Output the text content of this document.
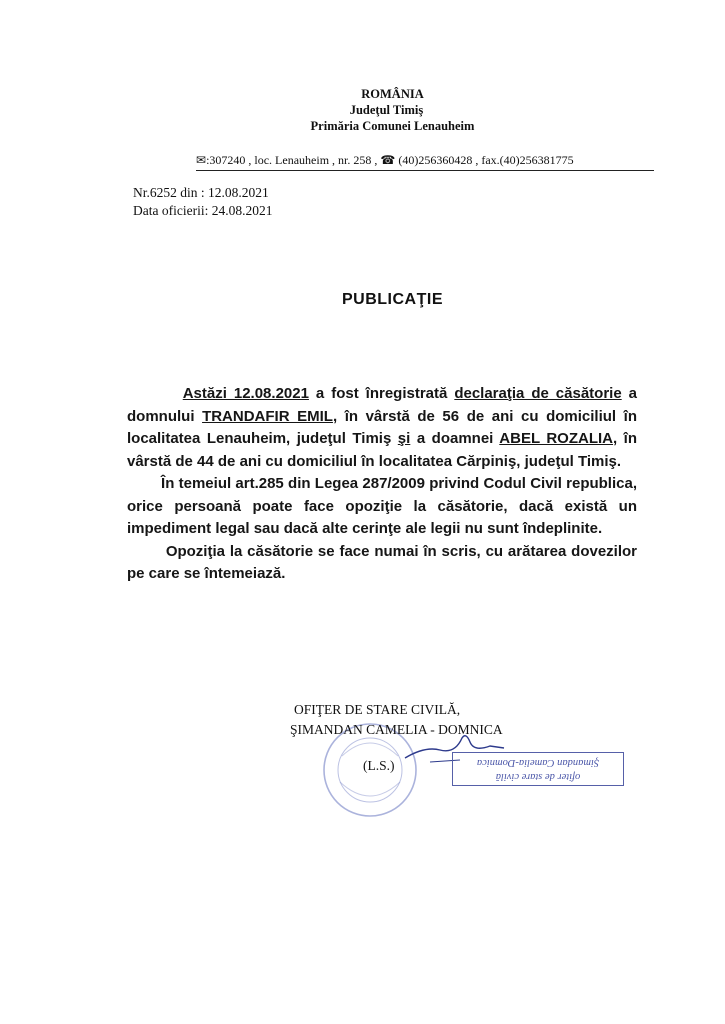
ROMÂNIA
Judeţul Timiş
Primăria Comunei Lenauheim
✉:307240 , loc. Lenauheim , nr. 258 , ☎ (40)256360428 , fax.(40)256381775
Nr.6252 din : 12.08.2021
Data oficierii: 24.08.2021
PUBLICAŢIE

Astăzi 12.08.2021 a fost înregistrată declaraţia de căsătorie a domnului TRANDAFIR EMIL, în vârstă de 56 de ani cu domiciliul în localitatea Lenauheim, judeţul Timiş şi a doamnei ABEL ROZALIA, în vârstă de 44 de ani cu domiciliul în localitatea Cărpiniş, judeţul Timiş.

În temeiul art.285 din Legea 287/2009 privind Codul Civil republica, orice persoană poate face opoziţie la căsătorie, dacă există un impediment legal sau dacă alte cerinţe ale legii nu sunt îndeplinite.

Opoziţia la căsătorie se face numai în scris, cu arătarea dovezilor pe care se întemeiază.

OFIŢER DE STARE CIVILĂ,
ŞIMANDAN CAMELIA - DOMNICA
(L.S.)
ofiter de stare civilă
Şimandan Camelia-Domnica
